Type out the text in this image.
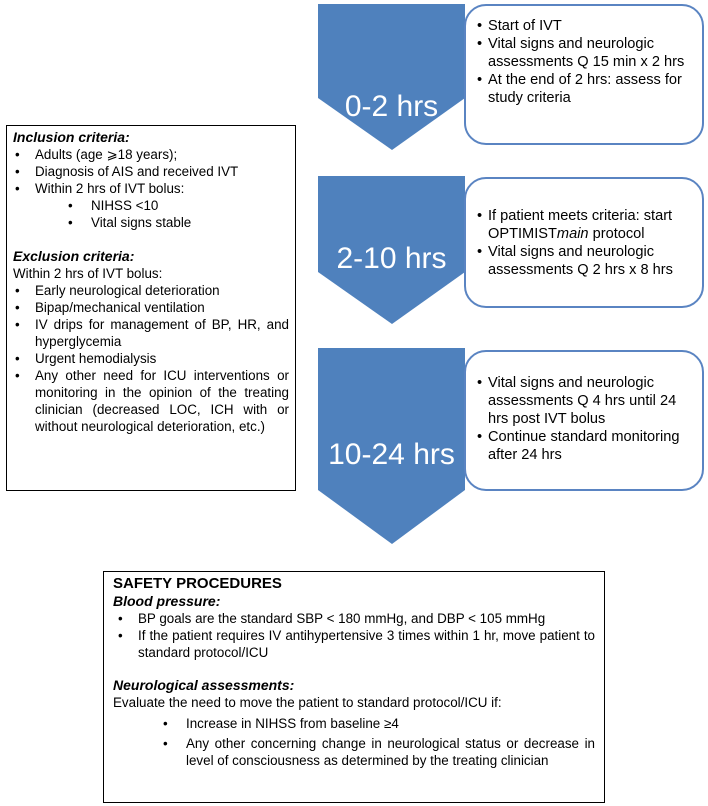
Inclusion criteria:

• Adults (age ⩾18 years);
• Diagnosis of AIS and received IVT
• Within 2 hrs of IVT bolus:
• NIHSS <10
• Vital signs stable

Exclusion criteria:

Within 2 hrs of IVT bolus:
• Early neurological deterioration
• Bipap/mechanical ventilation
• IV drips for management of BP, HR, and hyperglycemia
• Urgent hemodialysis
• Any other need for ICU interventions or monitoring in the opinion of the treating clinician (decreased LOC, ICH with or without neurological deterioration, etc.)
0-2 hrs
2-10 hrs
10-24 hrs
• Start of IVT
• Vital signs and neurologic assessments Q 15 min x 2 hrs
• At the end of 2 hrs: assess for study criteria
• If patient meets criteria: start OPTIMISTmain protocol
• Vital signs and neurologic assessments Q 2 hrs x 8 hrs
• Vital signs and neurologic assessments Q 4 hrs until 24 hrs post IVT bolus
• Continue standard monitoring after 24 hrs

SAFETY PROCEDURES

Blood pressure:
• BP goals are the standard SBP < 180 mmHg, and DBP < 105 mmHg
• If the patient requires IV antihypertensive 3 times within 1 hr, move patient to standard protocol/ICU
Neurological assessments:
Evaluate the need to move the patient to standard protocol/ICU if:
• Increase in NIHSS from baseline ≥4
• Any other concerning change in neurological status or decrease in level of consciousness as determined by the treating clinician
